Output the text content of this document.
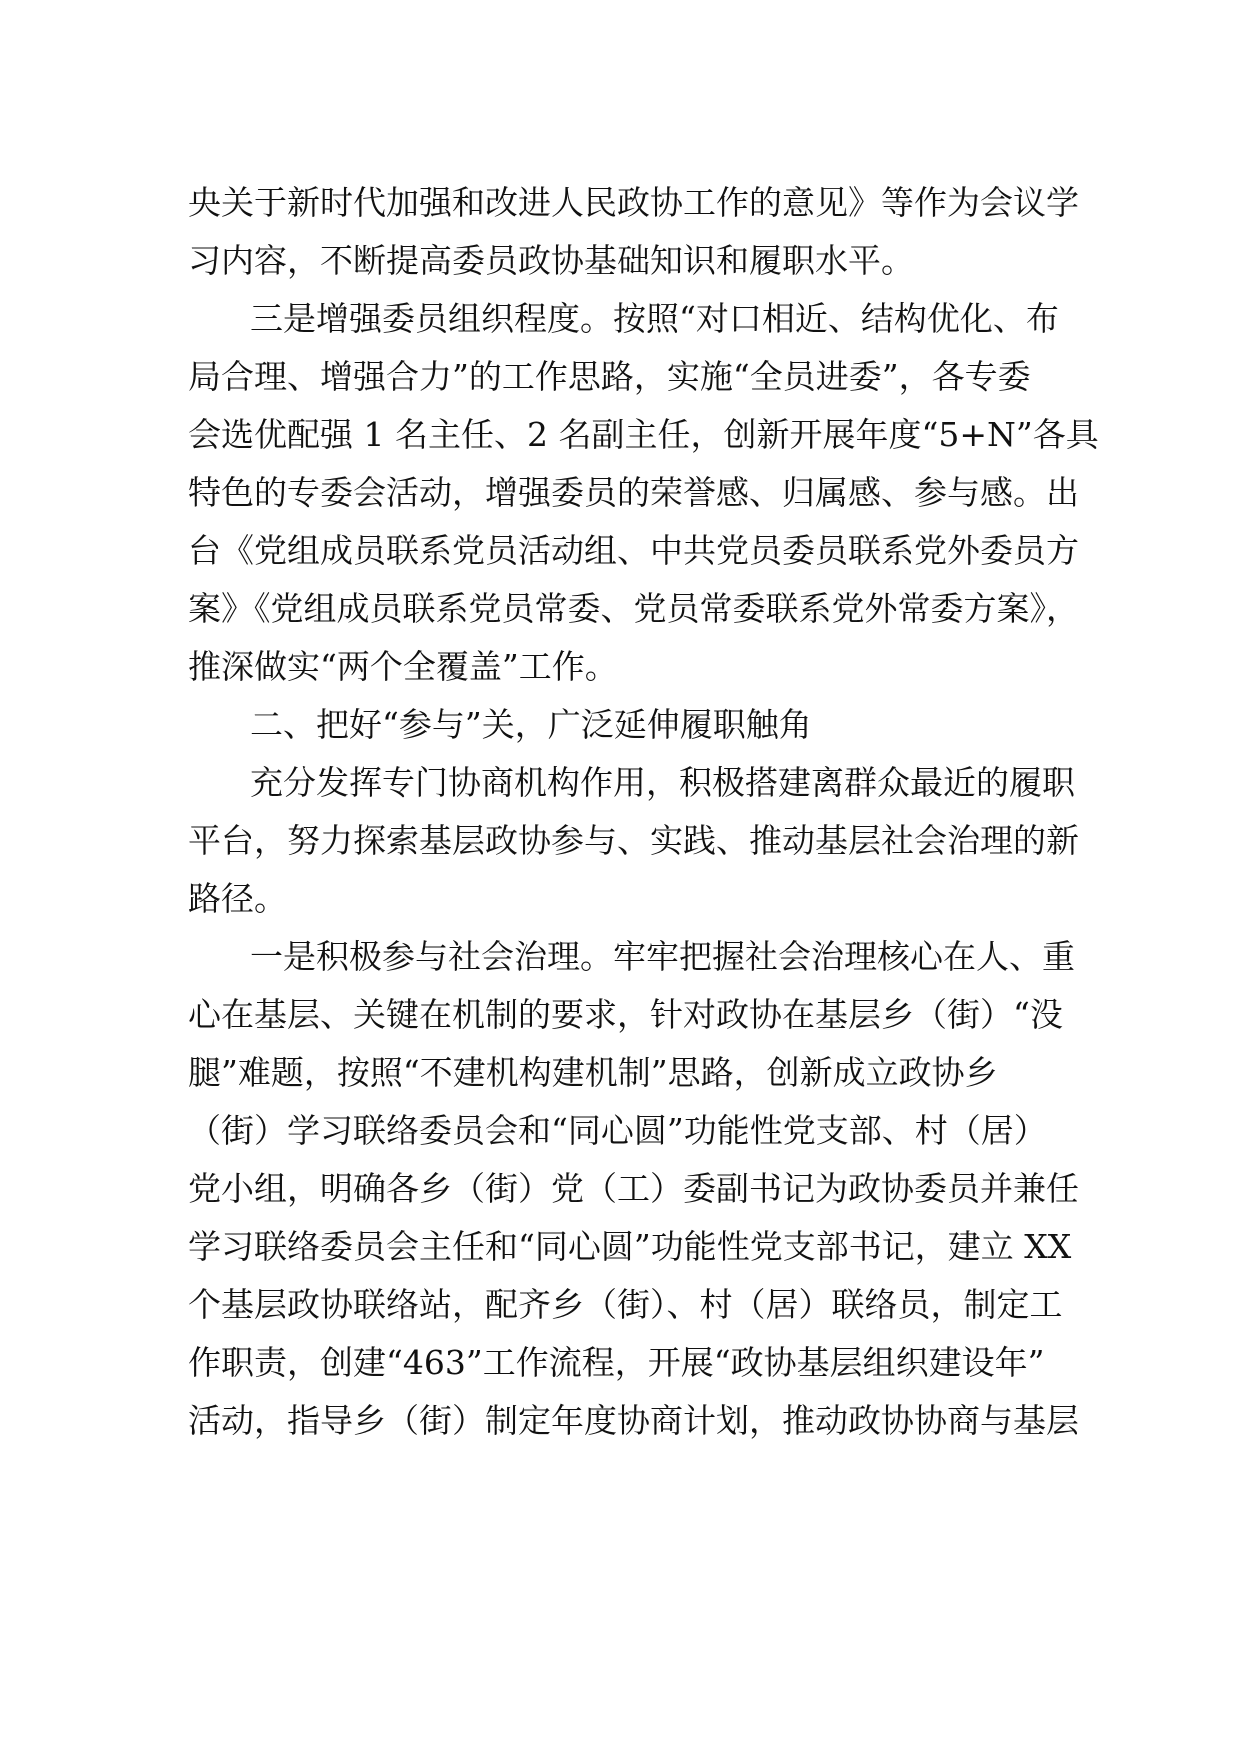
央关于新时代加强和改进人民政协工作的意见》等作为会议学
习内容，不断提高委员政协基础知识和履职水平。
三是增强委员组织程度。按照“对口相近、结构优化、布
局合理、增强合力”的工作思路，实施“全员进委”，各专委
会选优配强 1 名主任、2 名副主任，创新开展年度“5+N”各具
特色的专委会活动，增强委员的荣誉感、归属感、参与感。出
台《党组成员联系党员活动组、中共党员委员联系党外委员方
案》《党组成员联系党员常委、党员常委联系党外常委方案》，
推深做实“两个全覆盖”工作。
二、把好“参与”关，广泛延伸履职触角
充分发挥专门协商机构作用，积极搭建离群众最近的履职
平台，努力探索基层政协参与、实践、推动基层社会治理的新
路径。
一是积极参与社会治理。牢牢把握社会治理核心在人、重
心在基层、关键在机制的要求，针对政协在基层乡（街）“没
腿”难题，按照“不建机构建机制”思路，创新成立政协乡
（街）学习联络委员会和“同心圆”功能性党支部、村（居）
党小组，明确各乡（街）党（工）委副书记为政协委员并兼任
学习联络委员会主任和“同心圆”功能性党支部书记，建立 XX
个基层政协联络站，配齐乡（街）、村（居）联络员，制定工
作职责，创建“463”工作流程，开展“政协基层组织建设年”
活动，指导乡（街）制定年度协商计划，推动政协协商与基层
